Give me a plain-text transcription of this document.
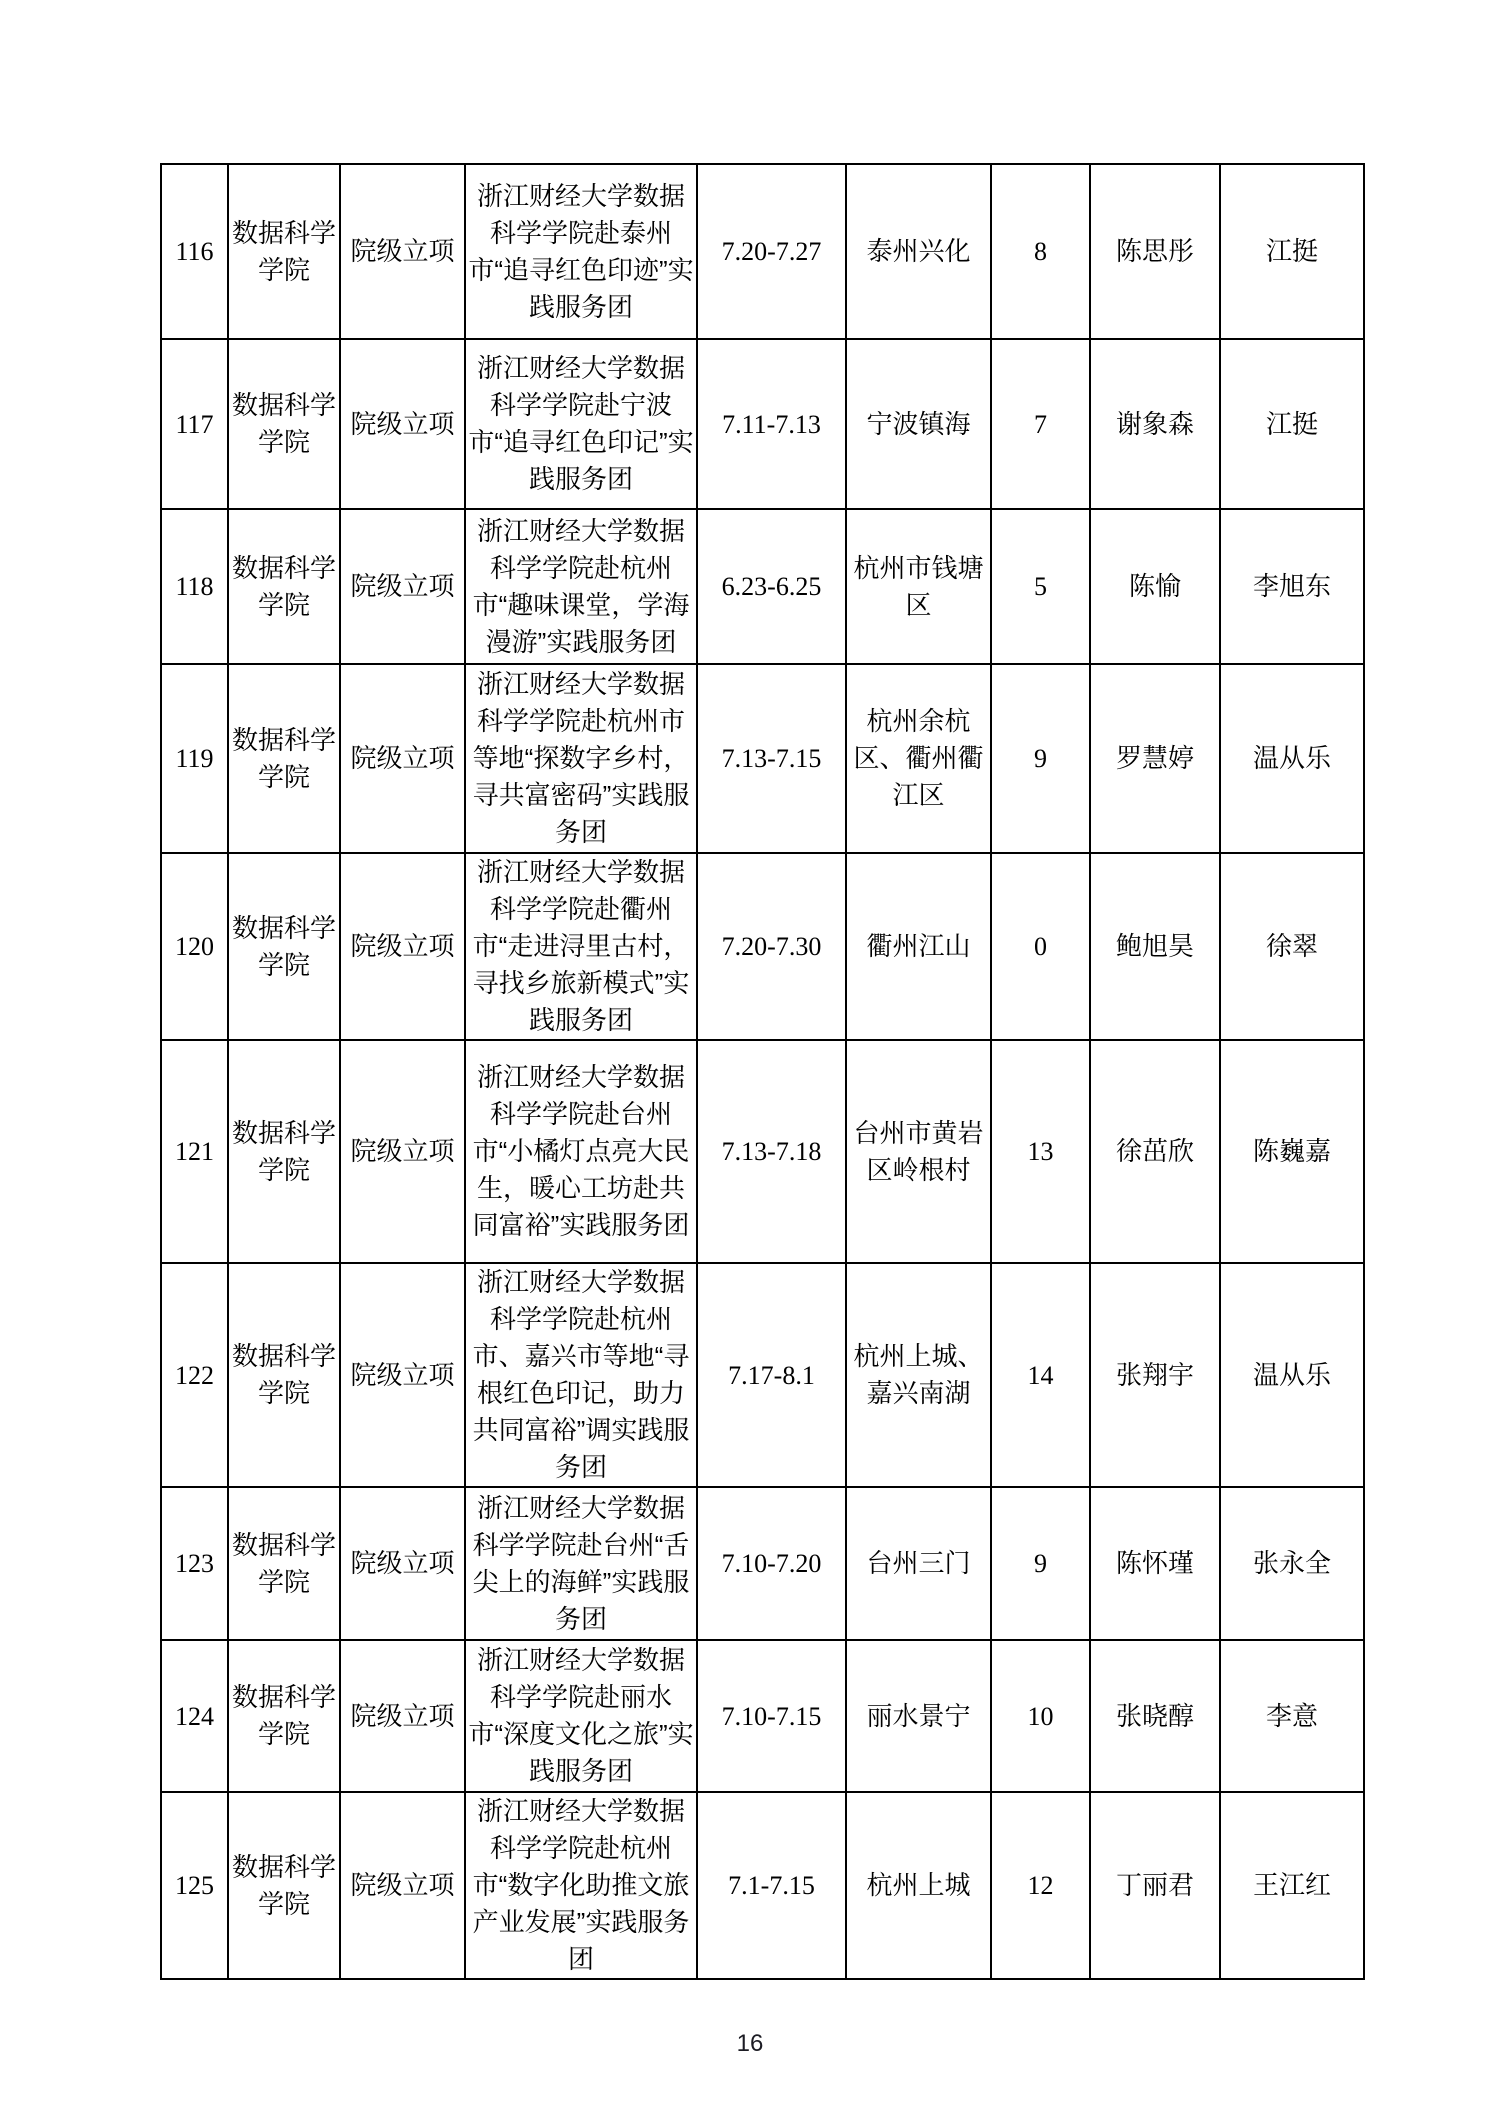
116	数据科学学院	院级立项	浙江财经大学数据科学学院赴泰州市“追寻红色印迹”实践服务团	7.20-7.27	泰州兴化	8	陈思彤	江挺
117	数据科学学院	院级立项	浙江财经大学数据科学学院赴宁波市“追寻红色印记”实践服务团	7.11-7.13	宁波镇海	7	谢象森	江挺
118	数据科学学院	院级立项	浙江财经大学数据科学学院赴杭州市“趣味课堂，学海漫游”实践服务团	6.23-6.25	杭州市钱塘区	5	陈愉	李旭东
119	数据科学学院	院级立项	浙江财经大学数据科学学院赴杭州市等地“探数字乡村，寻共富密码”实践服务团	7.13-7.15	杭州余杭区、衢州衢江区	9	罗慧婷	温从乐
120	数据科学学院	院级立项	浙江财经大学数据科学学院赴衢州市“走进浔里古村，寻找乡旅新模式”实践服务团	7.20-7.30	衢州江山	0	鲍旭昊	徐翠
121	数据科学学院	院级立项	浙江财经大学数据科学学院赴台州市“小橘灯点亮大民生，暖心工坊赴共同富裕”实践服务团	7.13-7.18	台州市黄岩区岭根村	13	徐茁欣	陈巍嘉
122	数据科学学院	院级立项	浙江财经大学数据科学学院赴杭州市、嘉兴市等地“寻根红色印记，助力共同富裕”调实践服务团	7.17-8.1	杭州上城、嘉兴南湖	14	张翔宇	温从乐
123	数据科学学院	院级立项	浙江财经大学数据科学学院赴台州“舌尖上的海鲜”实践服务团	7.10-7.20	台州三门	9	陈怀瑾	张永全
124	数据科学学院	院级立项	浙江财经大学数据科学学院赴丽水市“深度文化之旅”实践服务团	7.10-7.15	丽水景宁	10	张晓醇	李意
125	数据科学学院	院级立项	浙江财经大学数据科学学院赴杭州市“数字化助推文旅产业发展”实践服务团	7.1-7.15	杭州上城	12	丁丽君	王江红
16
